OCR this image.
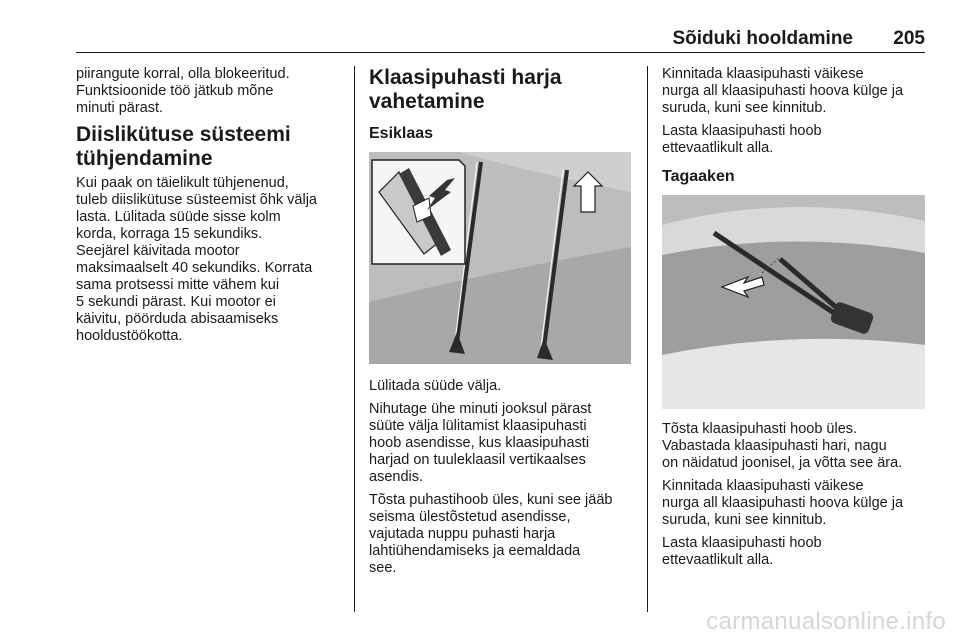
Sõiduki hooldamine 205

piirangute korral, olla blokeeritud.
Funktsioonide töö jätkub mõne
minuti pärast.

Diislikütuse süsteemi
tühjendamine

Kui paak on täielikult tühjenenud,
tuleb diislikütuse süsteemist õhk välja
lasta. Lülitada süüde sisse kolm
korda, korraga 15 sekundiks.
Seejärel käivitada mootor
maksimaalselt 40 sekundiks. Korrata
sama protsessi mitte vähem kui
5 sekundi pärast. Kui mootor ei
käivitu, pöörduda abisaamiseks
hooldustöökotta.

Klaasipuhasti harja
vahetamine
Esiklaas

Lülitada süüde välja.

Nihutage ühe minuti jooksul pärast
süüte välja lülitamist klaasipuhasti
hoob asendisse, kus klaasipuhasti
harjad on tuuleklaasil vertikaalses
asendis.

Tõsta puhastihoob üles, kuni see jääb
seisma ülestõstetud asendisse,
vajutada nuppu puhasti harja
lahtiühendamiseks ja eemaldada
see.

Kinnitada klaasipuhasti väikese
nurga all klaasipuhasti hoova külge ja
suruda, kuni see kinnitub.

Lasta klaasipuhasti hoob
ettevaatlikult alla.

Tagaaken

Tõsta klaasipuhasti hoob üles.
Vabastada klaasipuhasti hari, nagu
on näidatud joonisel, ja võtta see ära.

Kinnitada klaasipuhasti väikese
nurga all klaasipuhasti hoova külge ja
suruda, kuni see kinnitub.

Lasta klaasipuhasti hoob
ettevaatlikult alla.

carmanualsonline.info
